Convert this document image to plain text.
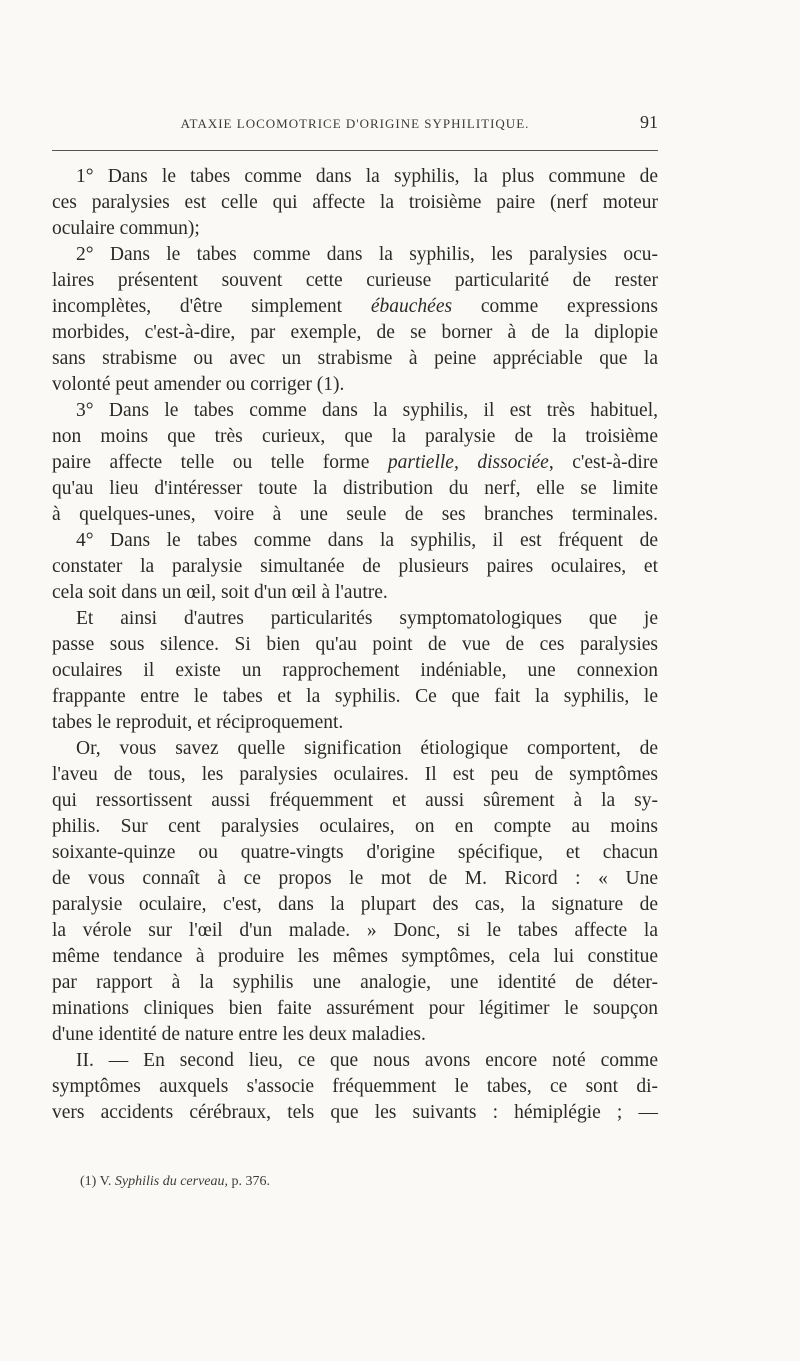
ATAXIE LOCOMOTRICE D'ORIGINE SYPHILITIQUE.	91
1° Dans le tabes comme dans la syphilis, la plus commune de
ces paralysies est celle qui affecte la troisième paire (nerf moteur
oculaire commun);
2° Dans le tabes comme dans la syphilis, les paralysies ocu-
laires présentent souvent cette curieuse particularité de rester
incomplètes, d'être simplement ébauchées comme expressions
morbides, c'est-à-dire, par exemple, de se borner à de la diplopie
sans strabisme ou avec un strabisme à peine appréciable que la
volonté peut amender ou corriger (1).
3° Dans le tabes comme dans la syphilis, il est très habituel,
non moins que très curieux, que la paralysie de la troisième
paire affecte telle ou telle forme partielle, dissociée, c'est-à-dire
qu'au lieu d'intéresser toute la distribution du nerf, elle se limite
à quelques-unes, voire à une seule de ses branches terminales.
4° Dans le tabes comme dans la syphilis, il est fréquent de
constater la paralysie simultanée de plusieurs paires oculaires, et
cela soit dans un œil, soit d'un œil à l'autre.
Et ainsi d'autres particularités symptomatologiques que je
passe sous silence. Si bien qu'au point de vue de ces paralysies
oculaires il existe un rapprochement indéniable, une connexion
frappante entre le tabes et la syphilis. Ce que fait la syphilis, le
tabes le reproduit, et réciproquement.
Or, vous savez quelle signification étiologique comportent, de
l'aveu de tous, les paralysies oculaires. Il est peu de symptômes
qui ressortissent aussi fréquemment et aussi sûrement à la sy-
philis. Sur cent paralysies oculaires, on en compte au moins
soixante-quinze ou quatre-vingts d'origine spécifique, et chacun
de vous connaît à ce propos le mot de M. Ricord : « Une
paralysie oculaire, c'est, dans la plupart des cas, la signature de
la vérole sur l'œil d'un malade. » Donc, si le tabes affecte la
même tendance à produire les mêmes symptômes, cela lui constitue
par rapport à la syphilis une analogie, une identité de déter-
minations cliniques bien faite assurément pour légitimer le soupçon
d'une identité de nature entre les deux maladies.
II. — En second lieu, ce que nous avons encore noté comme
symptômes auxquels s'associe fréquemment le tabes, ce sont di-
vers accidents cérébraux, tels que les suivants : hémiplégie ; —
(1) V. Syphilis du cerveau, p. 376.
